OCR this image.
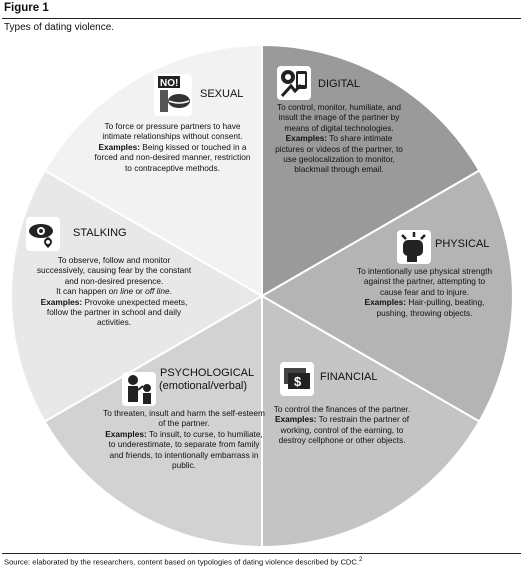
Figure 1
Types of dating violence.
NO!
SEXUAL
To force or pressure partners to have intimate relationships without consent.
Examples: Being kissed or touched in a forced and non-desired manner, restriction to contraceptive methods.
DIGITAL
To control, monitor, humiliate, and insult the image of the partner by means of digital technologies.
Examples: To share intimate pictures or videos of the partner, to use geolocalization to monitor, blackmail through email.
PHYSICAL
To intentionally use physical strength against the partner, attempting to cause fear and to injure.
Examples: Hair-pulling, beating, pushing, throwing objects.
$ FINANCIAL
To control the finances of the partner.
Examples: To restrain the partner of working, control of the earning, to destroy cellphone or other objects.
PSYCHOLOGICAL
(emotional/verbal)
To threaten, insult and harm the self-esteem of the partner.
Examples: To insult, to curse, to humiliate, to underestimate, to separate from family and friends, to intentionally embarrass in public.
STALKING
To observe, follow and monitor successively, causing fear by the constant and non-desired presence.
It can happen on line or off line.
Examples: Provoke unexpected meets, follow the partner in school and daily activities.
Source: elaborated by the researchers, content based on typologies of dating violence described by CDC.$^2$
